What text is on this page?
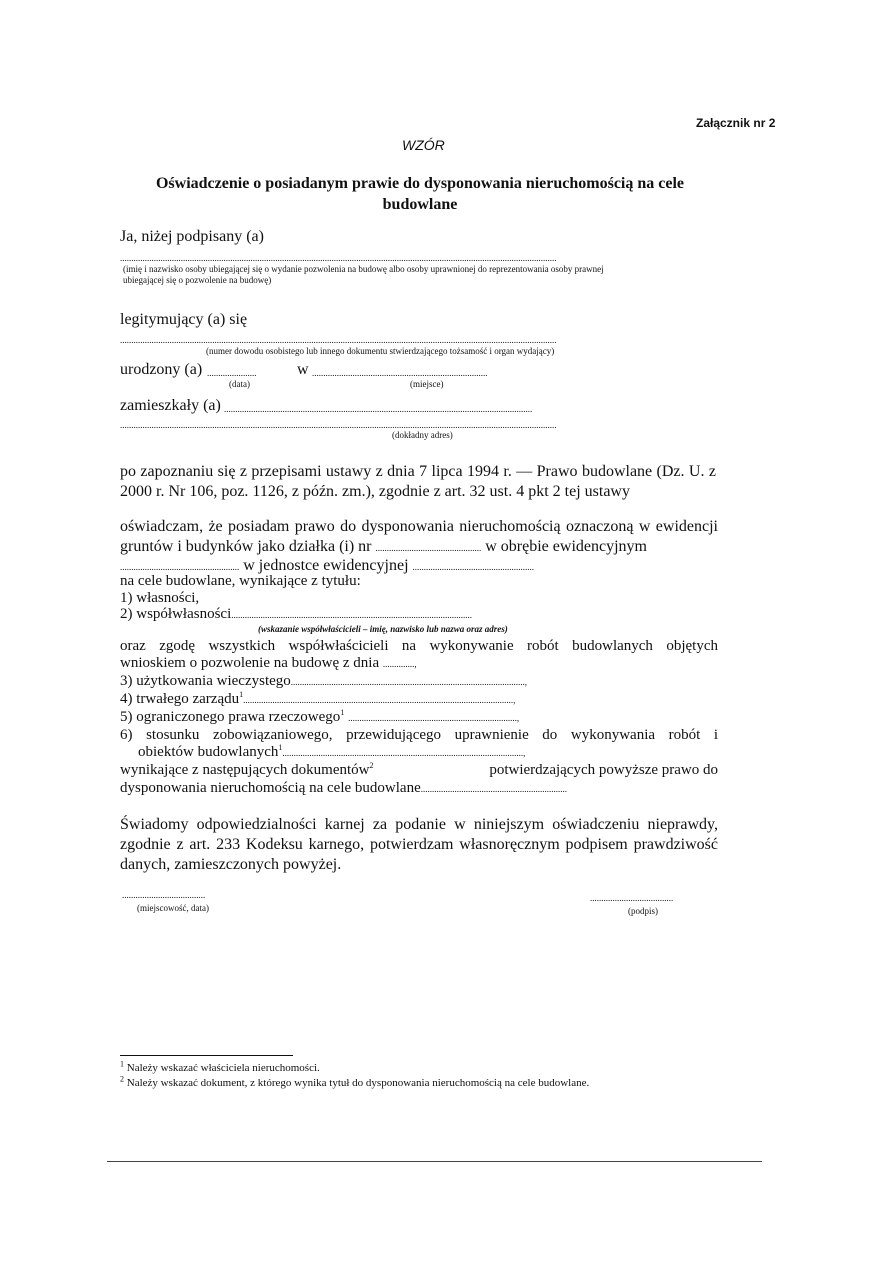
Załącznik nr 2
WZÓR
Oświadczenie o posiadanym prawie do dysponowania nieruchomością na cele budowlane
Ja, niżej podpisany (a)
..................................................................................................................................................................................................
(imię i nazwisko osoby ubiegającej się o wydanie pozwolenia na budowę albo osoby uprawnionej do reprezentowania osoby prawnej
ubiegającej się o pozwolenie na budowę)
legitymujący (a) się
..................................................................................................................................................................................................
(numer dowodu osobistego lub innego dokumentu stwierdzającego tożsamość i organ wydający)
urodzony (a) ......................	w ..............................................................................
(data)	(miejsce)
zamieszkały (a) .........................................................................................................................................
..................................................................................................................................................................................................
(dokładny adres)
po zapoznaniu się z przepisami ustawy z dnia 7 lipca 1994 r. — Prawo budowlane (Dz. U. z
2000 r. Nr 106, poz. 1126, z późn. zm.), zgodnie z art. 32 ust. 4 pkt 2 tej ustawy
oświadczam, że posiadam prawo do dysponowania nieruchomością oznaczoną w ewidencji
gruntów i budynków jako działka (i) nr ............................................... w obrębie ewidencyjnym
..................................................... w jednostce ewidencyjnej ......................................................
na cele budowlane, wynikające z tytułu:
1) własności,
2) współwłasności...........................................................................................................
(wskazanie współwłaścicieli – imię, nazwisko lub nazwa oraz adres)
oraz zgodę wszystkich współwłaścicieli na wykonywanie robót budowlanych objętych
wnioskiem o pozwolenie na budowę z dnia ..............,
3) użytkowania wieczystego........................................................................................................,
4) trwałego zarządu$^1$........................................................................................................................,
5) ograniczonego prawa rzeczowego$^1$ ...........................................................................,
6) stosunku zobowiązaniowego, przewidującego uprawnienie do wykonywania robót i
obiektów budowlanych$^1$...........................................................................................................,
wynikające z następujących dokumentów$^2$	potwierdzających powyższe prawo do
dysponowania nieruchomością na cele budowlane.................................................................
Świadomy odpowiedzialności karnej za podanie w niniejszym oświadczeniu nieprawdy,
zgodnie z art. 233 Kodeksu karnego, potwierdzam własnoręcznym podpisem prawdziwość
danych, zamieszczonych powyżej.
.....................................
(miejscowość, data)
.....................................
(podpis)
$^1$ Należy wskazać właściciela nieruchomości.
$^2$ Należy wskazać dokument, z którego wynika tytuł do dysponowania nieruchomością na cele budowlane.
